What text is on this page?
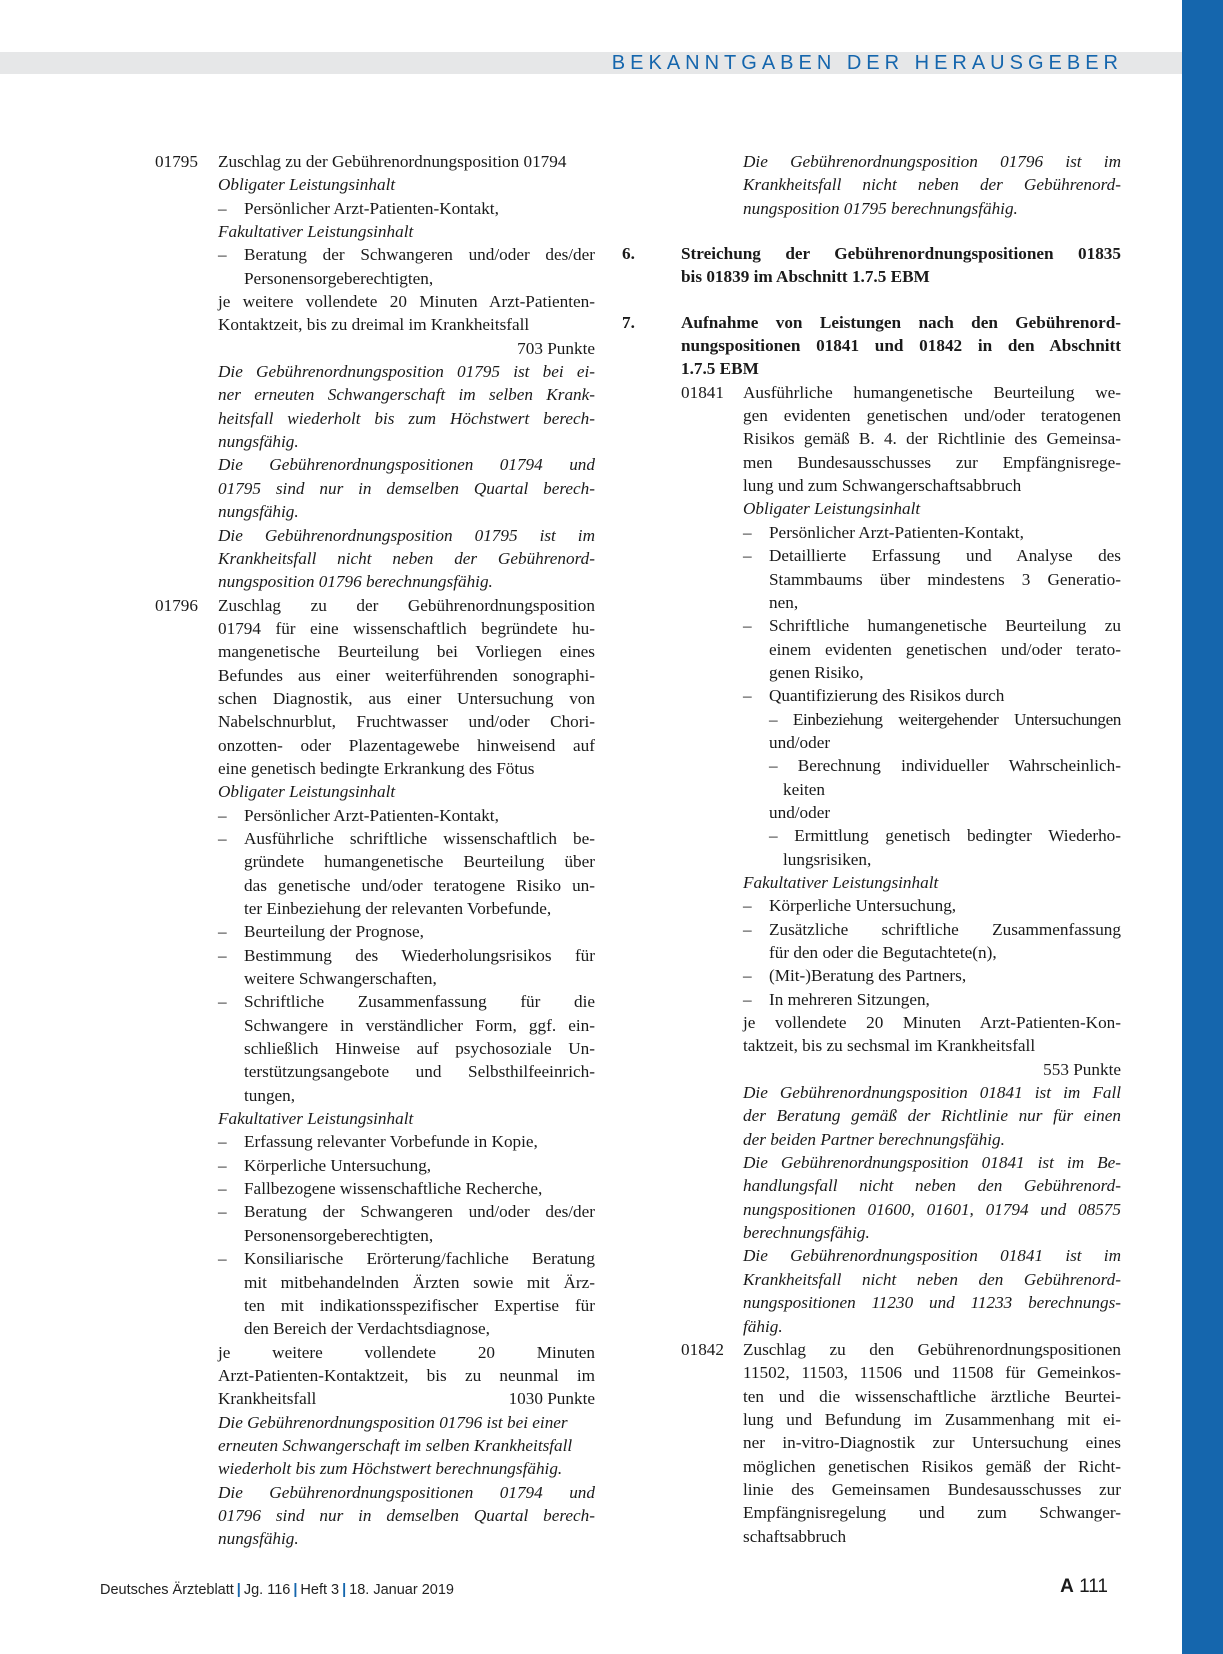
BEKANNTGABEN DER HERAUSGEBER
01795 Zuschlag zu der Gebührenordnungsposition 01794
Obligater Leistungsinhalt
– Persönlicher Arzt-Patienten-Kontakt,
Fakultativer Leistungsinhalt
– Beratung der Schwangeren und/oder des/der
Personensorgeberechtigten,
je weitere vollendete 20 Minuten Arzt-Patienten-
Kontaktzeit, bis zu dreimal im Krankheitsfall
703 Punkte
Die Gebührenordnungsposition 01795 ist bei ei-
ner erneuten Schwangerschaft im selben Krank-
heitsfall wiederholt bis zum Höchstwert berech-
nungsfähig.
Die Gebührenordnungspositionen 01794 und
01795 sind nur in demselben Quartal berech-
nungsfähig.
Die Gebührenordnungsposition 01795 ist im
Krankheitsfall nicht neben der Gebührenord-
nungsposition 01796 berechnungsfähig.
01796 Zuschlag zu der Gebührenordnungsposition
01794 für eine wissenschaftlich begründete hu-
mangenetische Beurteilung bei Vorliegen eines
Befundes aus einer weiterführenden sonographi-
schen Diagnostik, aus einer Untersuchung von
Nabelschnurblut, Fruchtwasser und/oder Chori-
onzotten- oder Plazentagewebe hinweisend auf
eine genetisch bedingte Erkrankung des Fötus
Obligater Leistungsinhalt
– Persönlicher Arzt-Patienten-Kontakt,
– Ausführliche schriftliche wissenschaftlich be-
gründete humangenetische Beurteilung über
das genetische und/oder teratogene Risiko un-
ter Einbeziehung der relevanten Vorbefunde,
– Beurteilung der Prognose,
– Bestimmung des Wiederholungsrisikos für
weitere Schwangerschaften,
– Schriftliche Zusammenfassung für die
Schwangere in verständlicher Form, ggf. ein-
schließlich Hinweise auf psychosoziale Un-
terstützungsangebote und Selbsthilfeeinrich-
tungen,
Fakultativer Leistungsinhalt
– Erfassung relevanter Vorbefunde in Kopie,
– Körperliche Untersuchung,
– Fallbezogene wissenschaftliche Recherche,
– Beratung der Schwangeren und/oder des/der
Personensorgeberechtigten,
– Konsiliarische Erörterung/fachliche Beratung
mit mitbehandelnden Ärzten sowie mit Ärz-
ten mit indikationsspezifischer Expertise für
den Bereich der Verdachtsdiagnose,
je weitere vollendete 20 Minuten
Arzt-Patienten-Kontaktzeit, bis zu neunmal im
Krankheitsfall	1030 Punkte
Die Gebührenordnungsposition 01796 ist bei einer
erneuten Schwangerschaft im selben Krankheitsfall
wiederholt bis zum Höchstwert berechnungsfähig.
Die Gebührenordnungspositionen 01794 und
01796 sind nur in demselben Quartal berech-
nungsfähig.
Die Gebührenordnungsposition 01796 ist im
Krankheitsfall nicht neben der Gebührenord-
nungsposition 01795 berechnungsfähig.
6.	Streichung der Gebührenordnungspositionen 01835
bis 01839 im Abschnitt 1.7.5 EBM
7.	Aufnahme von Leistungen nach den Gebührenord-
nungspositionen 01841 und 01842 in den Abschnitt
1.7.5 EBM
01841 Ausführliche humangenetische Beurteilung we-
gen evidenten genetischen und/oder teratogenen
Risikos gemäß B. 4. der Richtlinie des Gemeinsa-
men Bundesausschusses zur Empfängnisrege-
lung und zum Schwangerschaftsabbruch
Obligater Leistungsinhalt
– Persönlicher Arzt-Patienten-Kontakt,
– Detaillierte Erfassung und Analyse des
Stammbaums über mindestens 3 Generatio-
nen,
– Schriftliche humangenetische Beurteilung zu
einem evidenten genetischen und/oder terato-
genen Risiko,
– Quantifizierung des Risikos durch
– Einbeziehung weitergehender Untersuchungen
und/oder
– Berechnung individueller Wahrscheinlich-
keiten
und/oder
– Ermittlung genetisch bedingter Wiederho-
lungsrisiken,
Fakultativer Leistungsinhalt
– Körperliche Untersuchung,
– Zusätzliche schriftliche Zusammenfassung
für den oder die Begutachtete(n),
– (Mit-)Beratung des Partners,
– In mehreren Sitzungen,
je vollendete 20 Minuten Arzt-Patienten-Kon-
taktzeit, bis zu sechsmal im Krankheitsfall
553 Punkte
Die Gebührenordnungsposition 01841 ist im Fall
der Beratung gemäß der Richtlinie nur für einen
der beiden Partner berechnungsfähig.
Die Gebührenordnungsposition 01841 ist im Be-
handlungsfall nicht neben den Gebührenord-
nungspositionen 01600, 01601, 01794 und 08575
berechnungsfähig.
Die Gebührenordnungsposition 01841 ist im
Krankheitsfall nicht neben den Gebührenord-
nungspositionen 11230 und 11233 berechnungs-
fähig.
01842 Zuschlag zu den Gebührenordnungspositionen
11502, 11503, 11506 und 11508 für Gemeinkos-
ten und die wissenschaftliche ärztliche Beurtei-
lung und Befundung im Zusammenhang mit ei-
ner in-vitro-Diagnostik zur Untersuchung eines
möglichen genetischen Risikos gemäß der Richt-
linie des Gemeinsamen Bundesausschusses zur
Empfängnisregelung und zum Schwanger-
schaftsabbruch
Deutsches Ärzteblatt | Jg. 116 | Heft 3 | 18. Januar 2019	A 111
